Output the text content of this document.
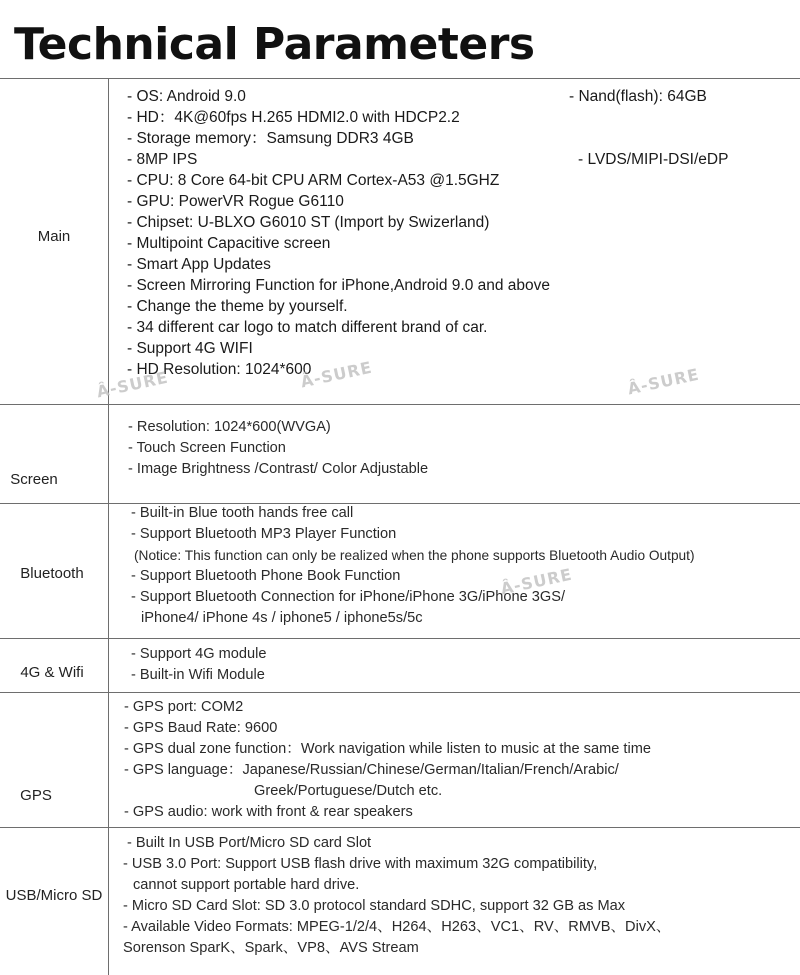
Technical Parameters
Main
- OS: Android 9.0
- HD：4K@60fps H.265 HDMI2.0 with HDCP2.2
- Storage memory：Samsung DDR3 4GB
- 8MP IPS
- CPU: 8 Core 64-bit CPU ARM Cortex-A53 @1.5GHZ
- GPU: PowerVR Rogue G6110
- Chipset: U-BLXO G6010 ST (Import by Swizerland)
- Multipoint Capacitive screen
- Smart App Updates
- Screen Mirroring Function for iPhone,Android 9.0 and above
- Change the theme by yourself.
- 34 different car logo to match different brand of car.
- Support 4G WIFI
- HD Resolution: 1024*600
- Nand(flash): 64GB
- LVDS/MIPI-DSI/eDP
Screen
- Resolution: 1024*600(WVGA)
- Touch Screen Function
- Image Brightness /Contrast/ Color Adjustable
Bluetooth
- Built-in Blue tooth hands free call
- Support Bluetooth MP3 Player Function
(Notice: This function can only be realized when the phone supports Bluetooth Audio Output)
- Support Bluetooth Phone Book Function
- Support Bluetooth Connection for iPhone/iPhone 3G/iPhone 3GS/
iPhone4/ iPhone 4s / iphone5 / iphone5s/5c
4G & Wifi
- Support 4G module
- Built-in Wifi Module
GPS
- GPS port: COM2
- GPS Baud Rate: 9600
- GPS dual zone function：Work navigation while listen to music at the same time
- GPS language：Japanese/Russian/Chinese/German/Italian/French/Arabic/
Greek/Portuguese/Dutch etc.
- GPS audio: work with front & rear speakers
USB/Micro SD
- Built In USB Port/Micro SD card Slot
- USB 3.0 Port: Support USB flash drive with maximum 32G compatibility,
cannot support portable hard drive.
- Micro SD Card Slot: SD 3.0 protocol standard SDHC, support 32 GB as Max
- Available Video Formats: MPEG-1/2/4、H264、H263、VC1、RV、RMVB、DivX、
Sorenson SparK、Spark、VP8、AVS Stream
Â-SURE	Â-SURE	Â-SURE
Â-SURE
